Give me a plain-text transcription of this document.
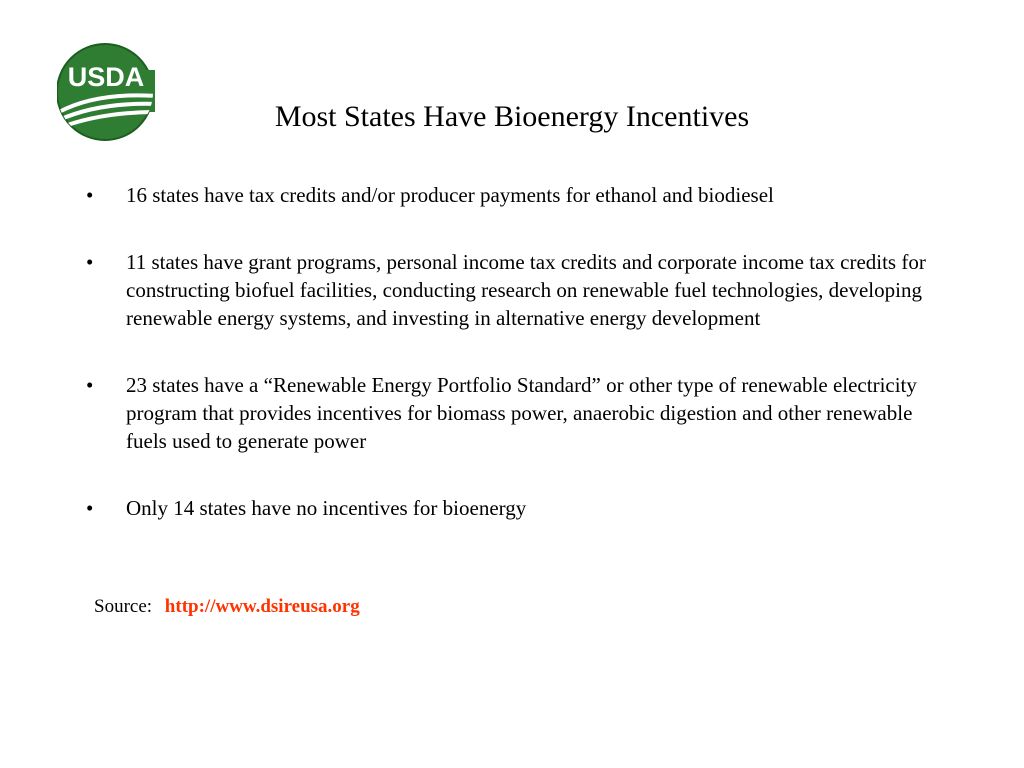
USDA
Most States Have Bioenergy Incentives
• 16 states have tax credits and/or producer payments for ethanol and biodiesel
• 11 states have grant programs, personal income tax credits and corporate income tax credits for constructing biofuel facilities, conducting research on renewable fuel technologies, developing renewable energy systems, and investing in alternative energy development
• 23 states have a “Renewable Energy Portfolio Standard” or other type of renewable electricity program that provides incentives for biomass power, anaerobic digestion and other renewable fuels used to generate power
• Only 14 states have no incentives for bioenergy
Source: http://www.dsireusa.org
